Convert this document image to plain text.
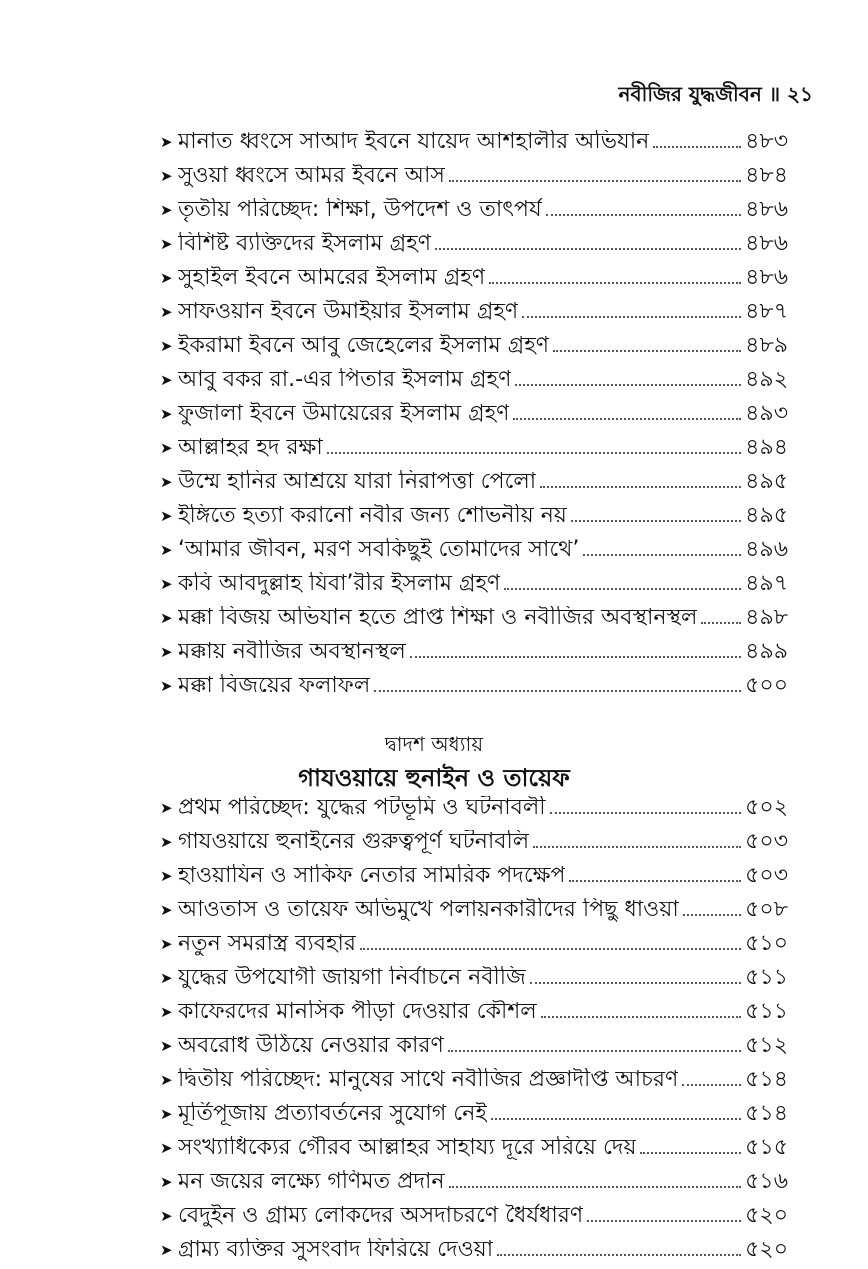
নবীজির যুদ্ধজীবন ॥ ২১
➤ মানাত ধ্বংসে সাআদ ইবনে যায়েদ আশহালীর অভিযান	৪৮৩
➤ সুওয়া ধ্বংসে আমর ইবনে আস	৪৮৪
➤ তৃতীয় পরিচ্ছেদ: শিক্ষা, উপদেশ ও তাৎপর্য	৪৮৬
➤ বিশিষ্ট ব্যক্তিদের ইসলাম গ্রহণ	৪৮৬
➤ সুহাইল ইবনে আমরের ইসলাম গ্রহণ	৪৮৬
➤ সাফওয়ান ইবনে উমাইয়ার ইসলাম গ্রহণ	৪৮৭
➤ ইকরামা ইবনে আবু জেহেলের ইসলাম গ্রহণ	৪৮৯
➤ আবু বকর রা.-এর পিতার ইসলাম গ্রহণ	৪৯২
➤ ফুজালা ইবনে উমায়েরের ইসলাম গ্রহণ	৪৯৩
➤ আল্লাহর হদ রক্ষা	৪৯৪
➤ উম্মে হানির আশ্রয়ে যারা নিরাপত্তা পেলো	৪৯৫
➤ ইঙ্গিতে হত্যা করানো নবীর জন্য শোভনীয় নয়	৪৯৫
➤ ‘আমার জীবন, মরণ সবকিছুই তোমাদের সাথে’	৪৯৬
➤ কবি আবদুল্লাহ যিবা’রীর ইসলাম গ্রহণ	৪৯৭
➤ মক্কা বিজয় অভিযান হতে প্রাপ্ত শিক্ষা ও নবীজির অবস্থানস্থল ৪৯৮
➤ মক্কায় নবীজির অবস্থানস্থল	৪৯৯
➤ মক্কা বিজয়ের ফলাফল	৫০০
দ্বাদশ অধ্যায়
গাযওয়ায়ে হুনাইন ও তায়েফ
➤ প্রথম পরিচ্ছেদ: যুদ্ধের পটভূমি ও ঘটনাবলী	৫০২
➤ গাযওয়ায়ে হুনাইনের গুরুত্বপূর্ণ ঘটনাবলি	৫০৩
➤ হাওয়াযিন ও সাকিফ নেতার সামরিক পদক্ষেপ	৫০৩
➤ আওতাস ও তায়েফ অভিমুখে পলায়নকারীদের পিছু ধাওয়া	৫০৮
➤ নতুন সমরাস্ত্র ব্যবহার	৫১০
➤ যুদ্ধের উপযোগী জায়গা নির্বাচনে নবীজি	৫১১
➤ কাফেরদের মানসিক পীড়া দেওয়ার কৌশল	৫১১
➤ অবরোধ উঠিয়ে নেওয়ার কারণ	৫১২
➤ দ্বিতীয় পরিচ্ছেদ: মানুষের সাথে নবীজির প্রজ্ঞাদীপ্ত আচরণ	৫১৪
➤ মূর্তিপূজায় প্রত্যাবর্তনের সুযোগ নেই	৫১৪
➤ সংখ্যাধিক্যের গৌরব আল্লাহর সাহায্য দূরে সরিয়ে দেয়	৫১৫
➤ মন জয়ের লক্ষ্যে গণিমত প্রদান	৫১৬
➤ বেদুইন ও গ্রাম্য লোকদের অসদাচরণে ধৈর্যধারণ	৫২০
➤ গ্রাম্য ব্যক্তির সুসংবাদ ফিরিয়ে দেওয়া	৫২০
